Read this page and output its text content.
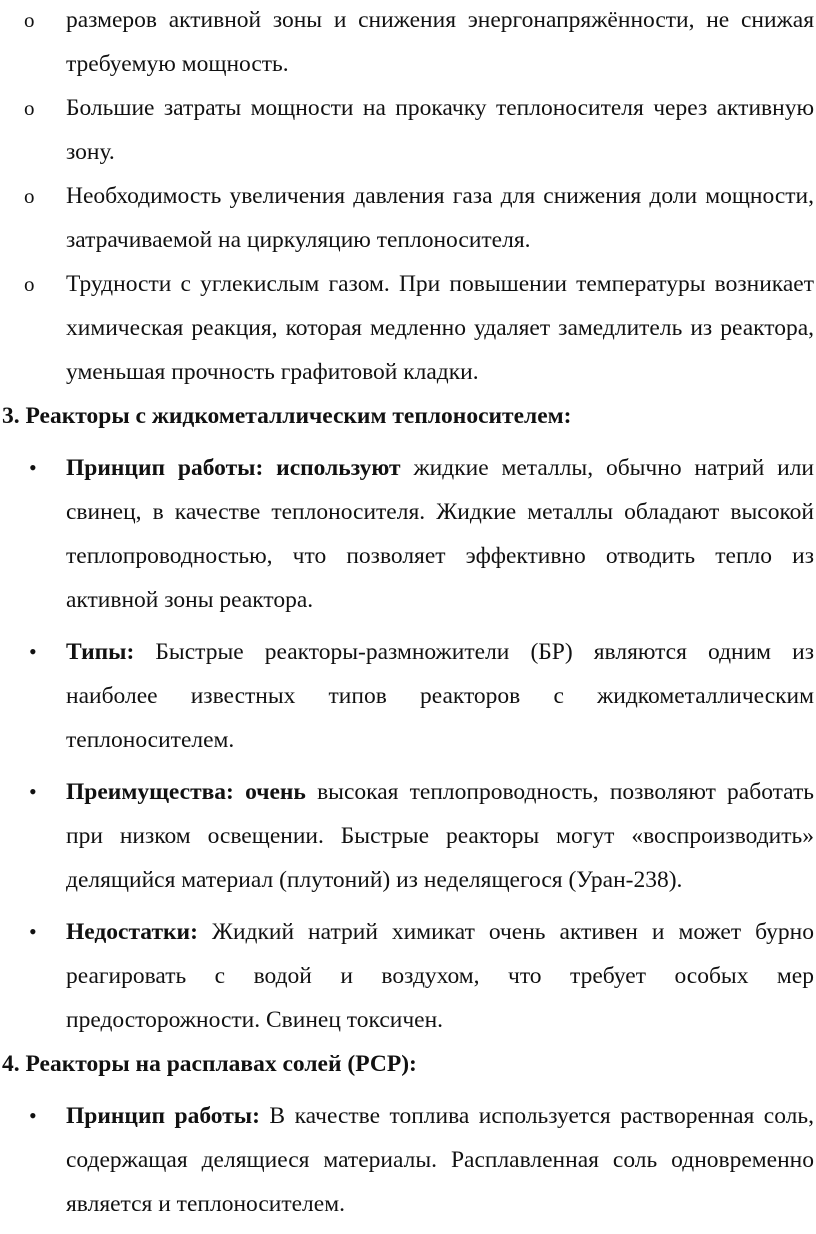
o	размеров активной зоны и снижения энергонапряжённости, не снижая требуемую мощность.
o	Большие затраты мощности на прокачку теплоносителя через активную зону.
o	Необходимость увеличения давления газа для снижения доли мощности, затрачиваемой на циркуляцию теплоносителя.
o	Трудности с углекислым газом. При повышении температуры возникает химическая реакция, которая медленно удаляет замедлитель из реактора, уменьшая прочность графитовой кладки.
3. Реакторы с жидкометаллическим теплоносителем:
•	Принцип работы: используют жидкие металлы, обычно натрий или свинец, в качестве теплоносителя. Жидкие металлы обладают высокой теплопроводностью, что позволяет эффективно отводить тепло из активной зоны реактора.
•	Типы: Быстрые реакторы-размножители (БР) являются одним из наиболее известных типов реакторов с жидкометаллическим теплоносителем.
•	Преимущества: очень высокая теплопроводность, позволяют работать при низком освещении. Быстрые реакторы могут «воспроизводить» делящийся материал (плутоний) из неделящегося (Уран-238).
•	Недостатки: Жидкий натрий химикат очень активен и может бурно реагировать с водой и воздухом, что требует особых мер предосторожности. Свинец токсичен.
4. Реакторы на расплавах солей (РСР):
•	Принцип работы: В качестве топлива используется растворенная соль, содержащая делящиеся материалы. Расплавленная соль одновременно является и теплоносителем.
